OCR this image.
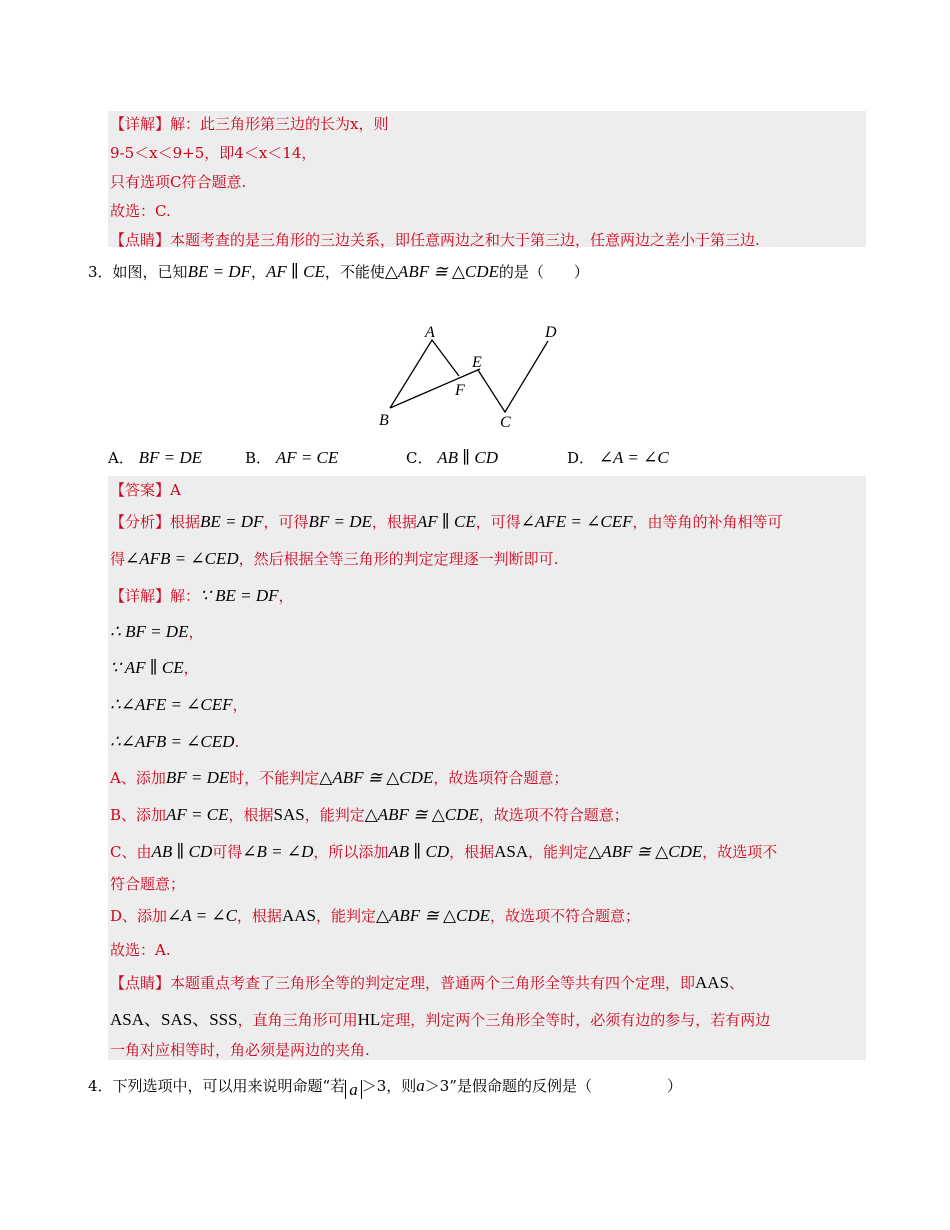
【详解】解：此三角形第三边的长为x，则
9-5＜x＜9+5，即4＜x＜14，
只有选项C符合题意.
故选：C.
【点睛】本题考查的是三角形的三边关系，即任意两边之和大于第三边，任意两边之差小于第三边.
3．如图，已知BE = DF，AF ∥ CE，不能使△ABF ≅ △CDE的是（　　）
A
B	C
D
E
F
A． BF = DE	B． AF = CE	C． AB ∥ CD	D． ∠A = ∠C
【答案】A
【分析】根据BE = DF，可得BF = DE，根据AF ∥ CE，可得∠AFE = ∠CEF，由等角的补角相等可
得∠AFB = ∠CED，然后根据全等三角形的判定定理逐一判断即可.
【详解】解：∵ BE = DF，
∴ BF = DE，
∵ AF ∥ CE，
∴∠AFE = ∠CEF，
∴∠AFB = ∠CED.
A、添加BF = DE时，不能判定△ABF ≅ △CDE，故选项符合题意；
B、添加AF = CE，根据SAS，能判定△ABF ≅ △CDE，故选项不符合题意；
C、由AB ∥ CD可得∠B = ∠D，所以添加AB ∥ CD，根据ASA，能判定△ABF ≅ △CDE，故选项不
符合题意；
D、添加∠A = ∠C，根据AAS，能判定△ABF ≅ △CDE，故选项不符合题意；
故选：A.
【点睛】本题重点考查了三角形全等的判定定理，普通两个三角形全等共有四个定理，即AAS、
ASA、SAS、SSS，直角三角形可用HL定理，判定两个三角形全等时，必须有边的参与，若有两边
一角对应相等时，角必须是两边的夹角.
4．下列选项中，可以用来说明命题“若 a ＞3，则a＞3”是假命题的反例是（　　　　　）
